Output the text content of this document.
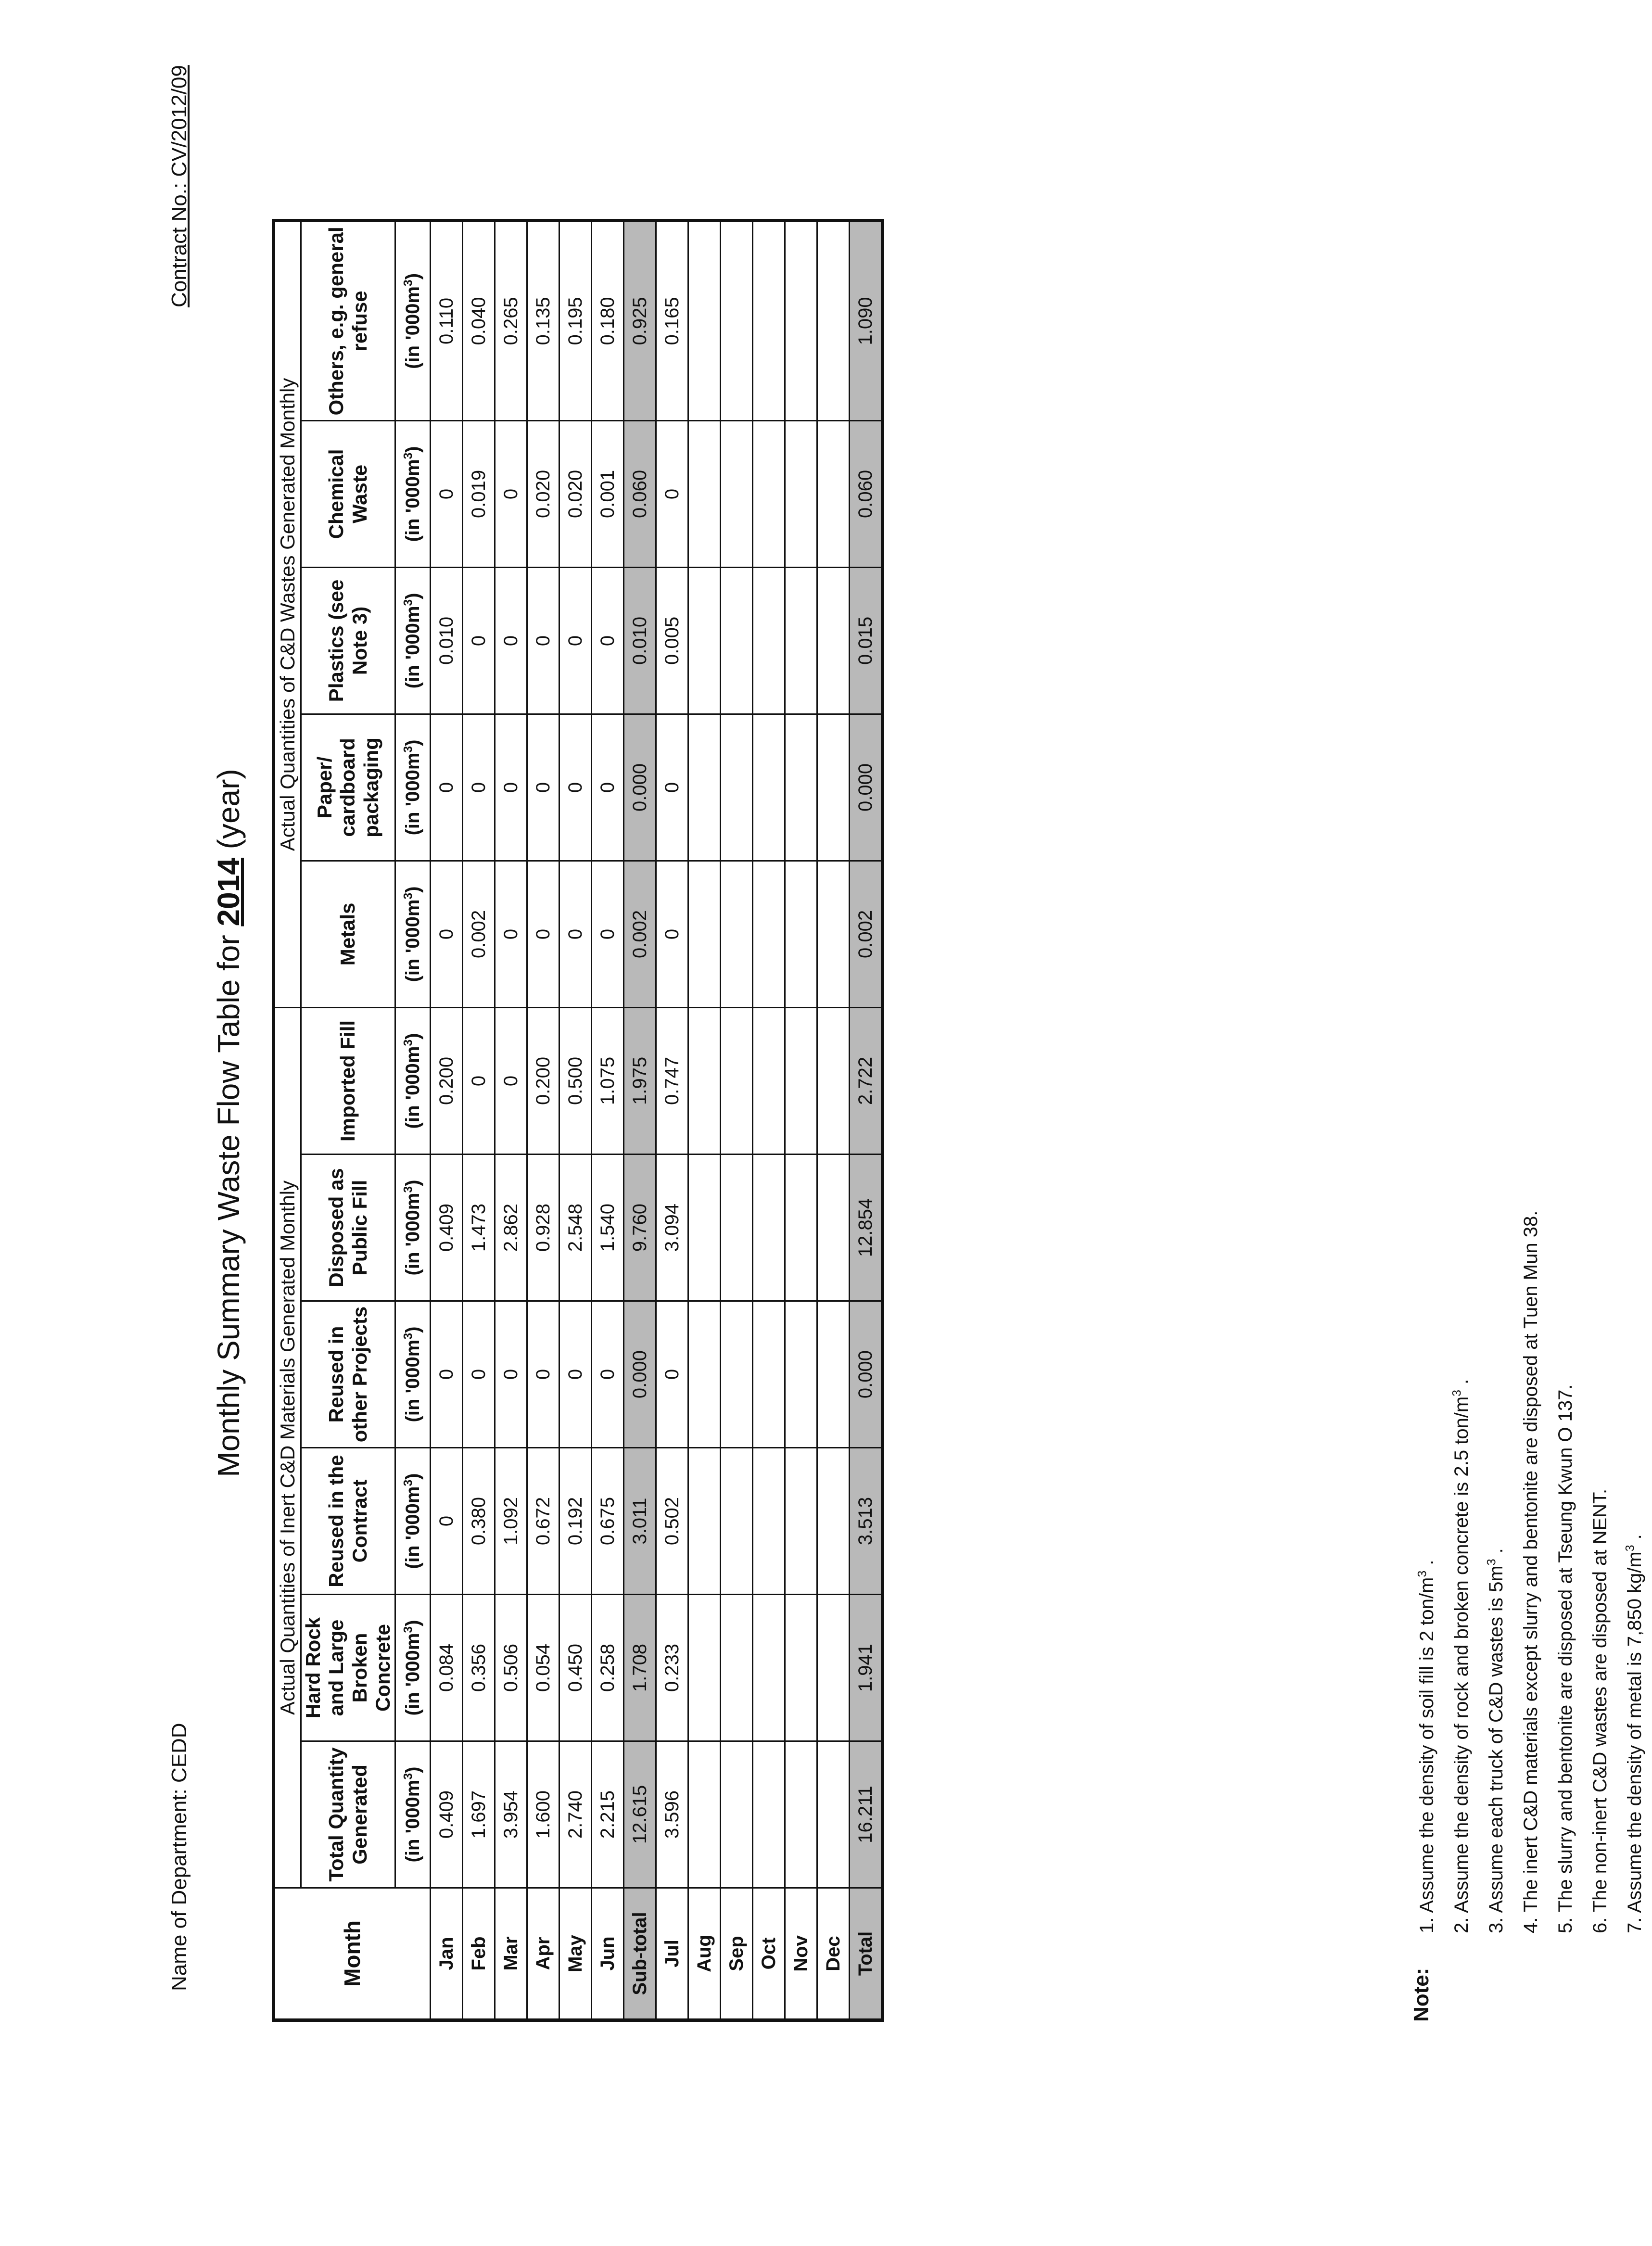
Name of Department: CEDD
Contract No.: CV/2012/09
Monthly Summary Waste Flow Table for 2014 (year)
Month	Actual Quantities of Inert C&D Materials Generated Monthly						Actual Quantities of C&D Wastes Generated Monthly				
	Total Quantity Generated	Hard Rock and Large Broken Concrete	Reused in the Contract	Reused in other Projects	Disposed as Public Fill	Imported Fill	Metals	Paper/ cardboard packaging	Plastics (see Note 3)	Chemical Waste	Others, e.g. general refuse
	(in '$000m^3$)	(in '$000m^3$)	(in '$000m^3$)	(in '$000m^3$)	(in '$000m^3$)	(in '$000m^3$)	(in '$000m^3$)	(in '$000m^3$)	(in '$000m^3$)	(in '$000m^3$)	(in '$000m^3$)
Jan	0.409	0.084	0	0	0.409	0.200	0	0	0.010	0	0.110
Feb	1.697	0.356	0.380	0	1.473	0	0.002	0	0	0.019	0.040
Mar	3.954	0.506	1.092	0	2.862	0	0	0	0	0	0.265
Apr	1.600	0.054	0.672	0	0.928	0.200	0	0	0	0.020	0.135
May	2.740	0.450	0.192	0	2.548	0.500	0	0	0	0.020	0.195
Jun	2.215	0.258	0.675	0	1.540	1.075	0	0	0	0.001	0.180
Sub-total	12.615	1.708	3.011	0.000	9.760	1.975	0.002	0.000	0.010	0.060	0.925
Jul	3.596	0.233	0.502	0	3.094	0.747	0	0	0.005	0	0.165
Aug											
Sep											
Oct											
Nov											
Dec											
Total	16.211	1.941	3.513	0.000	12.854	2.722	0.002	0.000	0.015	0.060	1.090
Note:
1. Assume the density of soil fill is 2 ton/$m^3$ . 2. Assume the density of rock and broken concrete is 2.5 ton/$m^3$ .
3. Assume each truck of C&D wastes is $5m^3$ . 4. The inert C&D materials except slurry and bentonite are disposed at Tuen Mun 38. 5. The slurry and bentonite are disposed at Tseung Kwun O 137. 6. The non-inert C&D wastes are disposed at NENT. 7. Assume the density of metal is 7,850 $kg/m^3$ .
